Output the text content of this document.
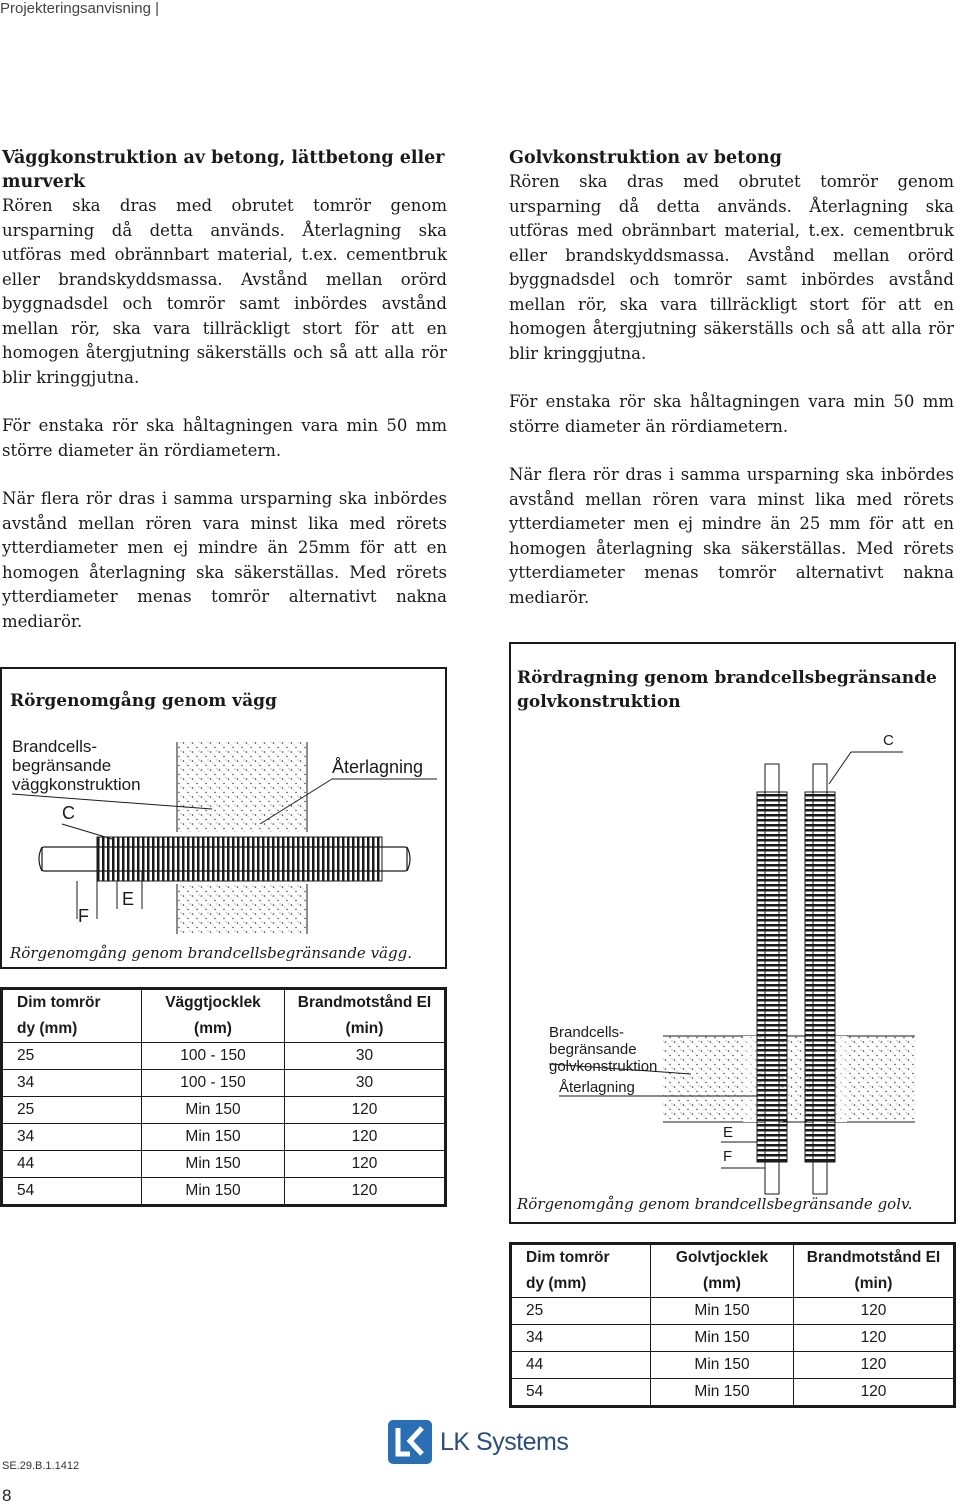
Projekteringsanvisning |
Väggkonstruktion av betong, lättbetong eller murverk

Rören ska dras med obrutet tomrör genom ursparning då detta används. Återlagning ska utföras med obrännbart material, t.ex. cementbruk eller brandskyddsmassa. Avstånd mellan orörd byggnadsdel och tomrör samt inbördes avstånd mellan rör, ska vara tillräckligt stort för att en homogen återgjutning säkerställs och så att alla rör blir kringgjutna.

För enstaka rör ska håltagningen vara min 50 mm större diameter än rördiametern.

När flera rör dras i samma ursparning ska inbördes avstånd mellan rören vara minst lika med rörets ytterdiameter men ej mindre än 25mm för att en homogen återlagning ska säkerställas. Med rörets ytterdiameter menas tomrör alternativt nakna mediarör.

Golvkonstruktion av betong

Rören ska dras med obrutet tomrör genom ursparning då detta används. Återlagning ska utföras med obrännbart material, t.ex. cementbruk eller brandskyddsmassa. Avstånd mellan orörd byggnadsdel och tomrör samt inbördes avstånd mellan rör, ska vara tillräckligt stort för att en homogen återgjutning säkerställs och så att alla rör blir kringgjutna.

För enstaka rör ska håltagningen vara min 50 mm större diameter än rördiametern.

När flera rör dras i samma ursparning ska inbördes avstånd mellan rören vara minst lika med rörets ytterdiameter men ej mindre än 25 mm för att en homogen återlagning ska säkerställas. Med rörets ytterdiameter menas tomrör alternativt nakna mediarör.

Rörgenomgång genom vägg
Brandcells-
begränsande
väggkonstruktion
Återlagning
C
E
F
Rörgenomgång genom brandcellsbegränsande vägg.
Rördragning genom brandcellsbegränsande
golvkonstruktion
C
Brandcells-
begränsande
golvkonstruktion
Återlagning
E
F
Rörgenomgång genom brandcellsbegränsande golv.
Dim tomrör	Väggtjocklek	Brandmotstånd EI
dy (mm)	(mm)	(min)
25	100 - 150	30
34	100 - 150	30
25	Min 150	120
34	Min 150	120
44	Min 150	120
54	Min 150	120
Dim tomrör	Golvtjocklek	Brandmotstånd EI
dy (mm)	(mm)	(min)
25	Min 150	120
34	Min 150	120
44	Min 150	120
54	Min 150	120
LK Systems
SE.29.B.1.1412
8
